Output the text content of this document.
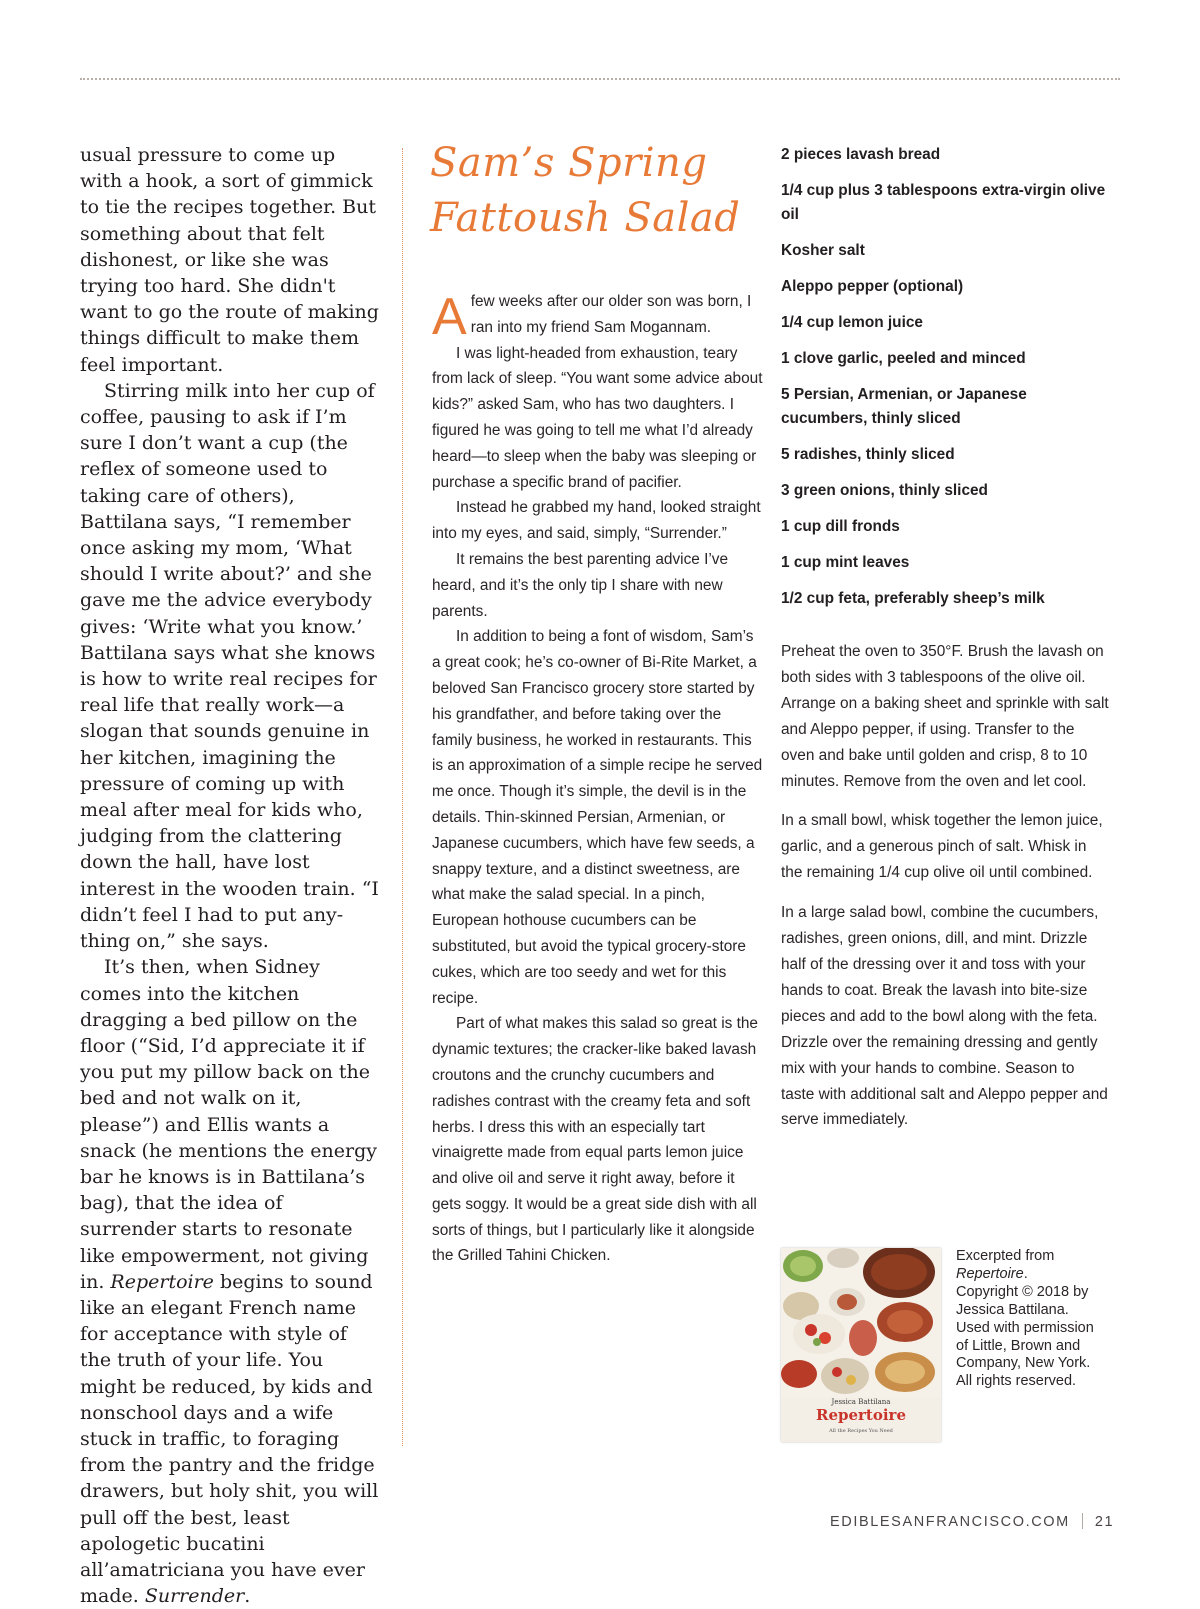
usual pressure to come up with a hook, a sort of gimmick to tie the recipes together. But something about that felt dishonest, or like she was trying too hard. She didn't want to go the route of making things difficult to make them feel important.

Stirring milk into her cup of coffee, pausing to ask if I’m sure I don’t want a cup (the reflex of someone used to taking care of others), Battilana says, “I remember once asking my mom, ‘What should I write about?’ and she gave me the advice everybody gives: ‘Write what you know.’ Battilana says what she knows is how to write real recipes for real life that really work—a slogan that sounds genuine in her kitchen, imagining the pressure of coming up with meal after meal for kids who, judging from the clattering down the hall, have lost interest in the wooden train. “I didn’t feel I had to put anything on,” she says.

It’s then, when Sidney comes into the kitchen dragging a bed pillow on the floor (“Sid, I’d appreciate it if you put my pillow back on the bed and not walk on it, please”) and Ellis wants a snack (he mentions the energy bar he knows is in Battilana’s bag), that the idea of surrender starts to resonate like empowerment, not giving in. Repertoire begins to sound like an elegant French name for acceptance with style of the truth of your life. You might be reduced, by kids and nonschool days and a wife stuck in traffic, to foraging from the pantry and the fridge drawers, but holy shit, you will pull off the best, least apologetic bucatini all’amatriciana you have ever made. Surrender.

Sam’s Spring
Fattoush Salad

Afew weeks after our older son was born, I ran into my friend Sam Mogannam.

I was light-headed from exhaustion, teary from lack of sleep. “You want some advice about kids?” asked Sam, who has two daughters. I figured he was going to tell me what I’d already heard—to sleep when the baby was sleeping or purchase a specific brand of pacifier.

Instead he grabbed my hand, looked straight into my eyes, and said, simply, “Surrender.”

It remains the best parenting advice I’ve heard, and it’s the only tip I share with new parents.

In addition to being a font of wisdom, Sam’s a great cook; he’s co-owner of Bi-Rite Market, a beloved San Francisco grocery store started by his grandfather, and before taking over the family business, he worked in restaurants. This is an approximation of a simple recipe he served me once. Though it’s simple, the devil is in the details. Thin-skinned Persian, Armenian, or Japanese cucumbers, which have few seeds, a snappy texture, and a distinct sweetness, are what make the salad special. In a pinch, European hothouse cucumbers can be substituted, but avoid the typical grocery-store cukes, which are too seedy and wet for this recipe.

Part of what makes this salad so great is the dynamic textures; the cracker-like baked lavash croutons and the crunchy cucumbers and radishes contrast with the creamy feta and soft herbs. I dress this with an especially tart vinaigrette made from equal parts lemon juice and olive oil and serve it right away, before it gets soggy. It would be a great side dish with all sorts of things, but I particularly like it alongside the Grilled Tahini Chicken.

2 pieces lavash bread
1/4 cup plus 3 tablespoons extra-virgin olive oil
Kosher salt
Aleppo pepper (optional)
1/4 cup lemon juice
1 clove garlic, peeled and minced
5 Persian, Armenian, or Japanese cucumbers, thinly sliced
5 radishes, thinly sliced
3 green onions, thinly sliced
1 cup dill fronds
1 cup mint leaves
1/2 cup feta, preferably sheep’s milk

Preheat the oven to 350°F. Brush the lavash on both sides with 3 tablespoons of the olive oil. Arrange on a baking sheet and sprinkle with salt and Aleppo pepper, if using. Transfer to the oven and bake until golden and crisp, 8 to 10 minutes. Remove from the oven and let cool.

In a small bowl, whisk together the lemon juice, garlic, and a generous pinch of salt. Whisk in the remaining 1/4 cup olive oil until combined.

In a large salad bowl, combine the cucumbers, radishes, green onions, dill, and mint. Drizzle half of the dressing over it and toss with your hands to coat. Break the lavash into bite-size pieces and add to the bowl along with the feta. Drizzle over the remaining dressing and gently mix with your hands to combine. Season to taste with additional salt and Aleppo pepper and serve immediately.

Jessica Battilana
Repertoire
All the Recipes You Need
Excerpted from
Repertoire.
Copyright © 2018 by
Jessica Battilana.
Used with permission
of Little, Brown and
Company, New York.
All rights reserved.
EDIBLESANFRANCISCO.COM 21
